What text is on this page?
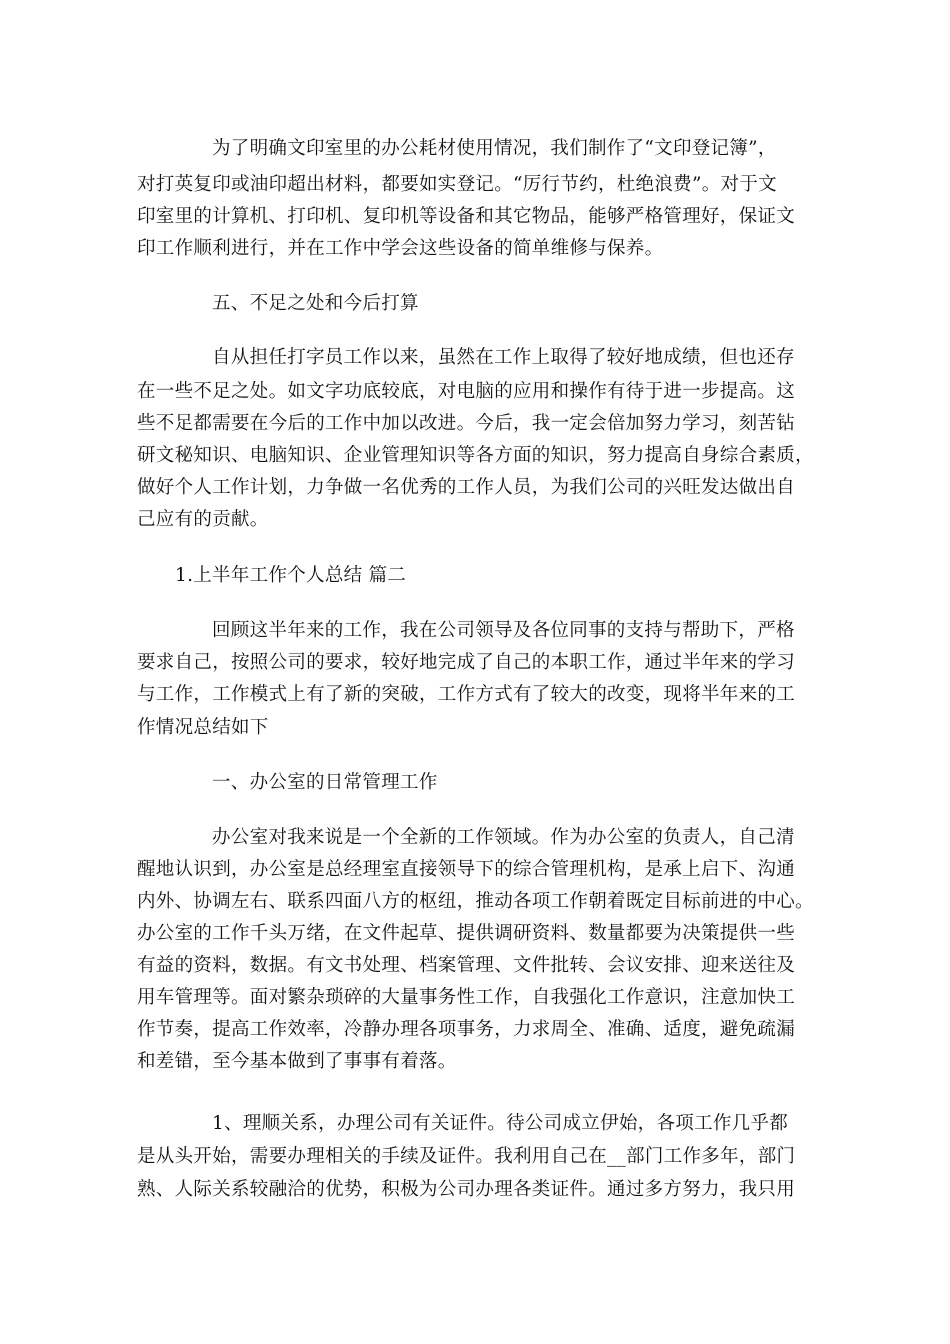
为了明确文印室里的办公耗材使用情况，我们制作了“文印登记簿”，
对打英复印或油印超出材料，都要如实登记。“厉行节约，杜绝浪费”。对于文
印室里的计算机、打印机、复印机等设备和其它物品，能够严格管理好，保证文
印工作顺利进行，并在工作中学会这些设备的简单维修与保养。
五、不足之处和今后打算
自从担任打字员工作以来，虽然在工作上取得了较好地成绩，但也还存
在一些不足之处。如文字功底较底，对电脑的应用和操作有待于进一步提高。这
些不足都需要在今后的工作中加以改进。今后，我一定会倍加努力学习，刻苦钻
研文秘知识、电脑知识、企业管理知识等各方面的知识，努力提高自身综合素质，
做好个人工作计划，力争做一名优秀的工作人员，为我们公司的兴旺发达做出自
己应有的贡献。
1.上半年工作个人总结 篇二
回顾这半年来的工作，我在公司领导及各位同事的支持与帮助下，严格
要求自己，按照公司的要求，较好地完成了自己的本职工作，通过半年来的学习
与工作，工作模式上有了新的突破，工作方式有了较大的改变，现将半年来的工
作情况总结如下
一、办公室的日常管理工作
办公室对我来说是一个全新的工作领域。作为办公室的负责人，自己清
醒地认识到，办公室是总经理室直接领导下的综合管理机构，是承上启下、沟通
内外、协调左右、联系四面八方的枢纽，推动各项工作朝着既定目标前进的中心。
办公室的工作千头万绪，在文件起草、提供调研资料、数量都要为决策提供一些
有益的资料，数据。有文书处理、档案管理、文件批转、会议安排、迎来送往及
用车管理等。面对繁杂琐碎的大量事务性工作，自我强化工作意识，注意加快工
作节奏，提高工作效率，冷静办理各项事务，力求周全、准确、适度，避免疏漏
和差错，至今基本做到了事事有着落。
1、理顺关系，办理公司有关证件。待公司成立伊始，各项工作几乎都
是从头开始，需要办理相关的手续及证件。我利用自己在__部门工作多年，部门
熟、人际关系较融洽的优势，积极为公司办理各类证件。通过多方努力，我只用
